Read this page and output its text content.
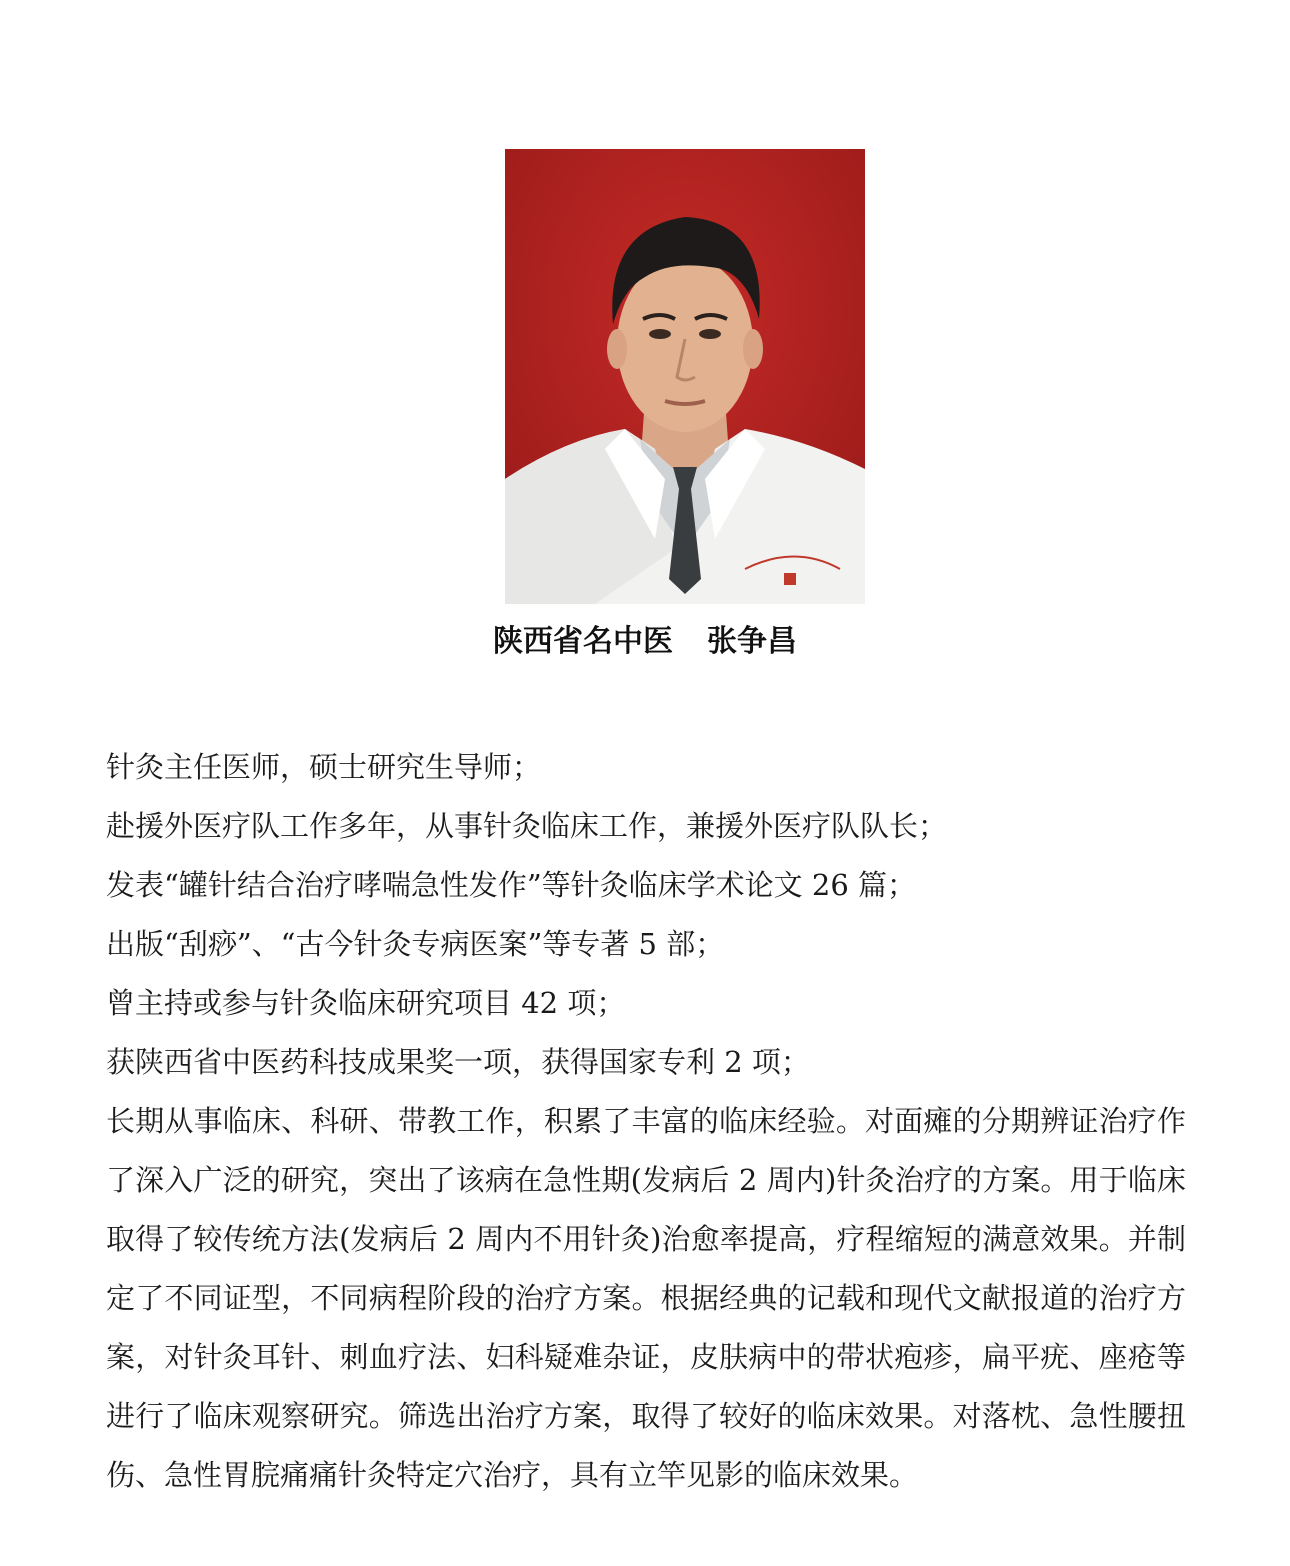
陕西省名中医 张争昌
针灸主任医师，硕士研究生导师；
赴援外医疗队工作多年，从事针灸临床工作，兼援外医疗队队长；
发表“罐针结合治疗哮喘急性发作”等针灸临床学术论文 26 篇；
出版“刮痧”、“古今针灸专病医案”等专著 5 部；
曾主持或参与针灸临床研究项目 42 项；
获陕西省中医药科技成果奖一项，获得国家专利 2 项；

长期从事临床、科研、带教工作，积累了丰富的临床经验。对面瘫的分期辨证治疗作了深入广泛的研究，突出了该病在急性期(发病后 2 周内)针灸治疗的方案。用于临床取得了较传统方法(发病后 2 周内不用针灸)治愈率提高，疗程缩短的满意效果。并制定了不同证型，不同病程阶段的治疗方案。根据经典的记载和现代文献报道的治疗方案，对针灸耳针、刺血疗法、妇科疑难杂证，皮肤病中的带状疱疹，扁平疣、座疮等进行了临床观察研究。筛选出治疗方案，取得了较好的临床效果。对落枕、急性腰扭伤、急性胃脘痛痛针灸特定穴治疗，具有立竿见影的临床效果。
